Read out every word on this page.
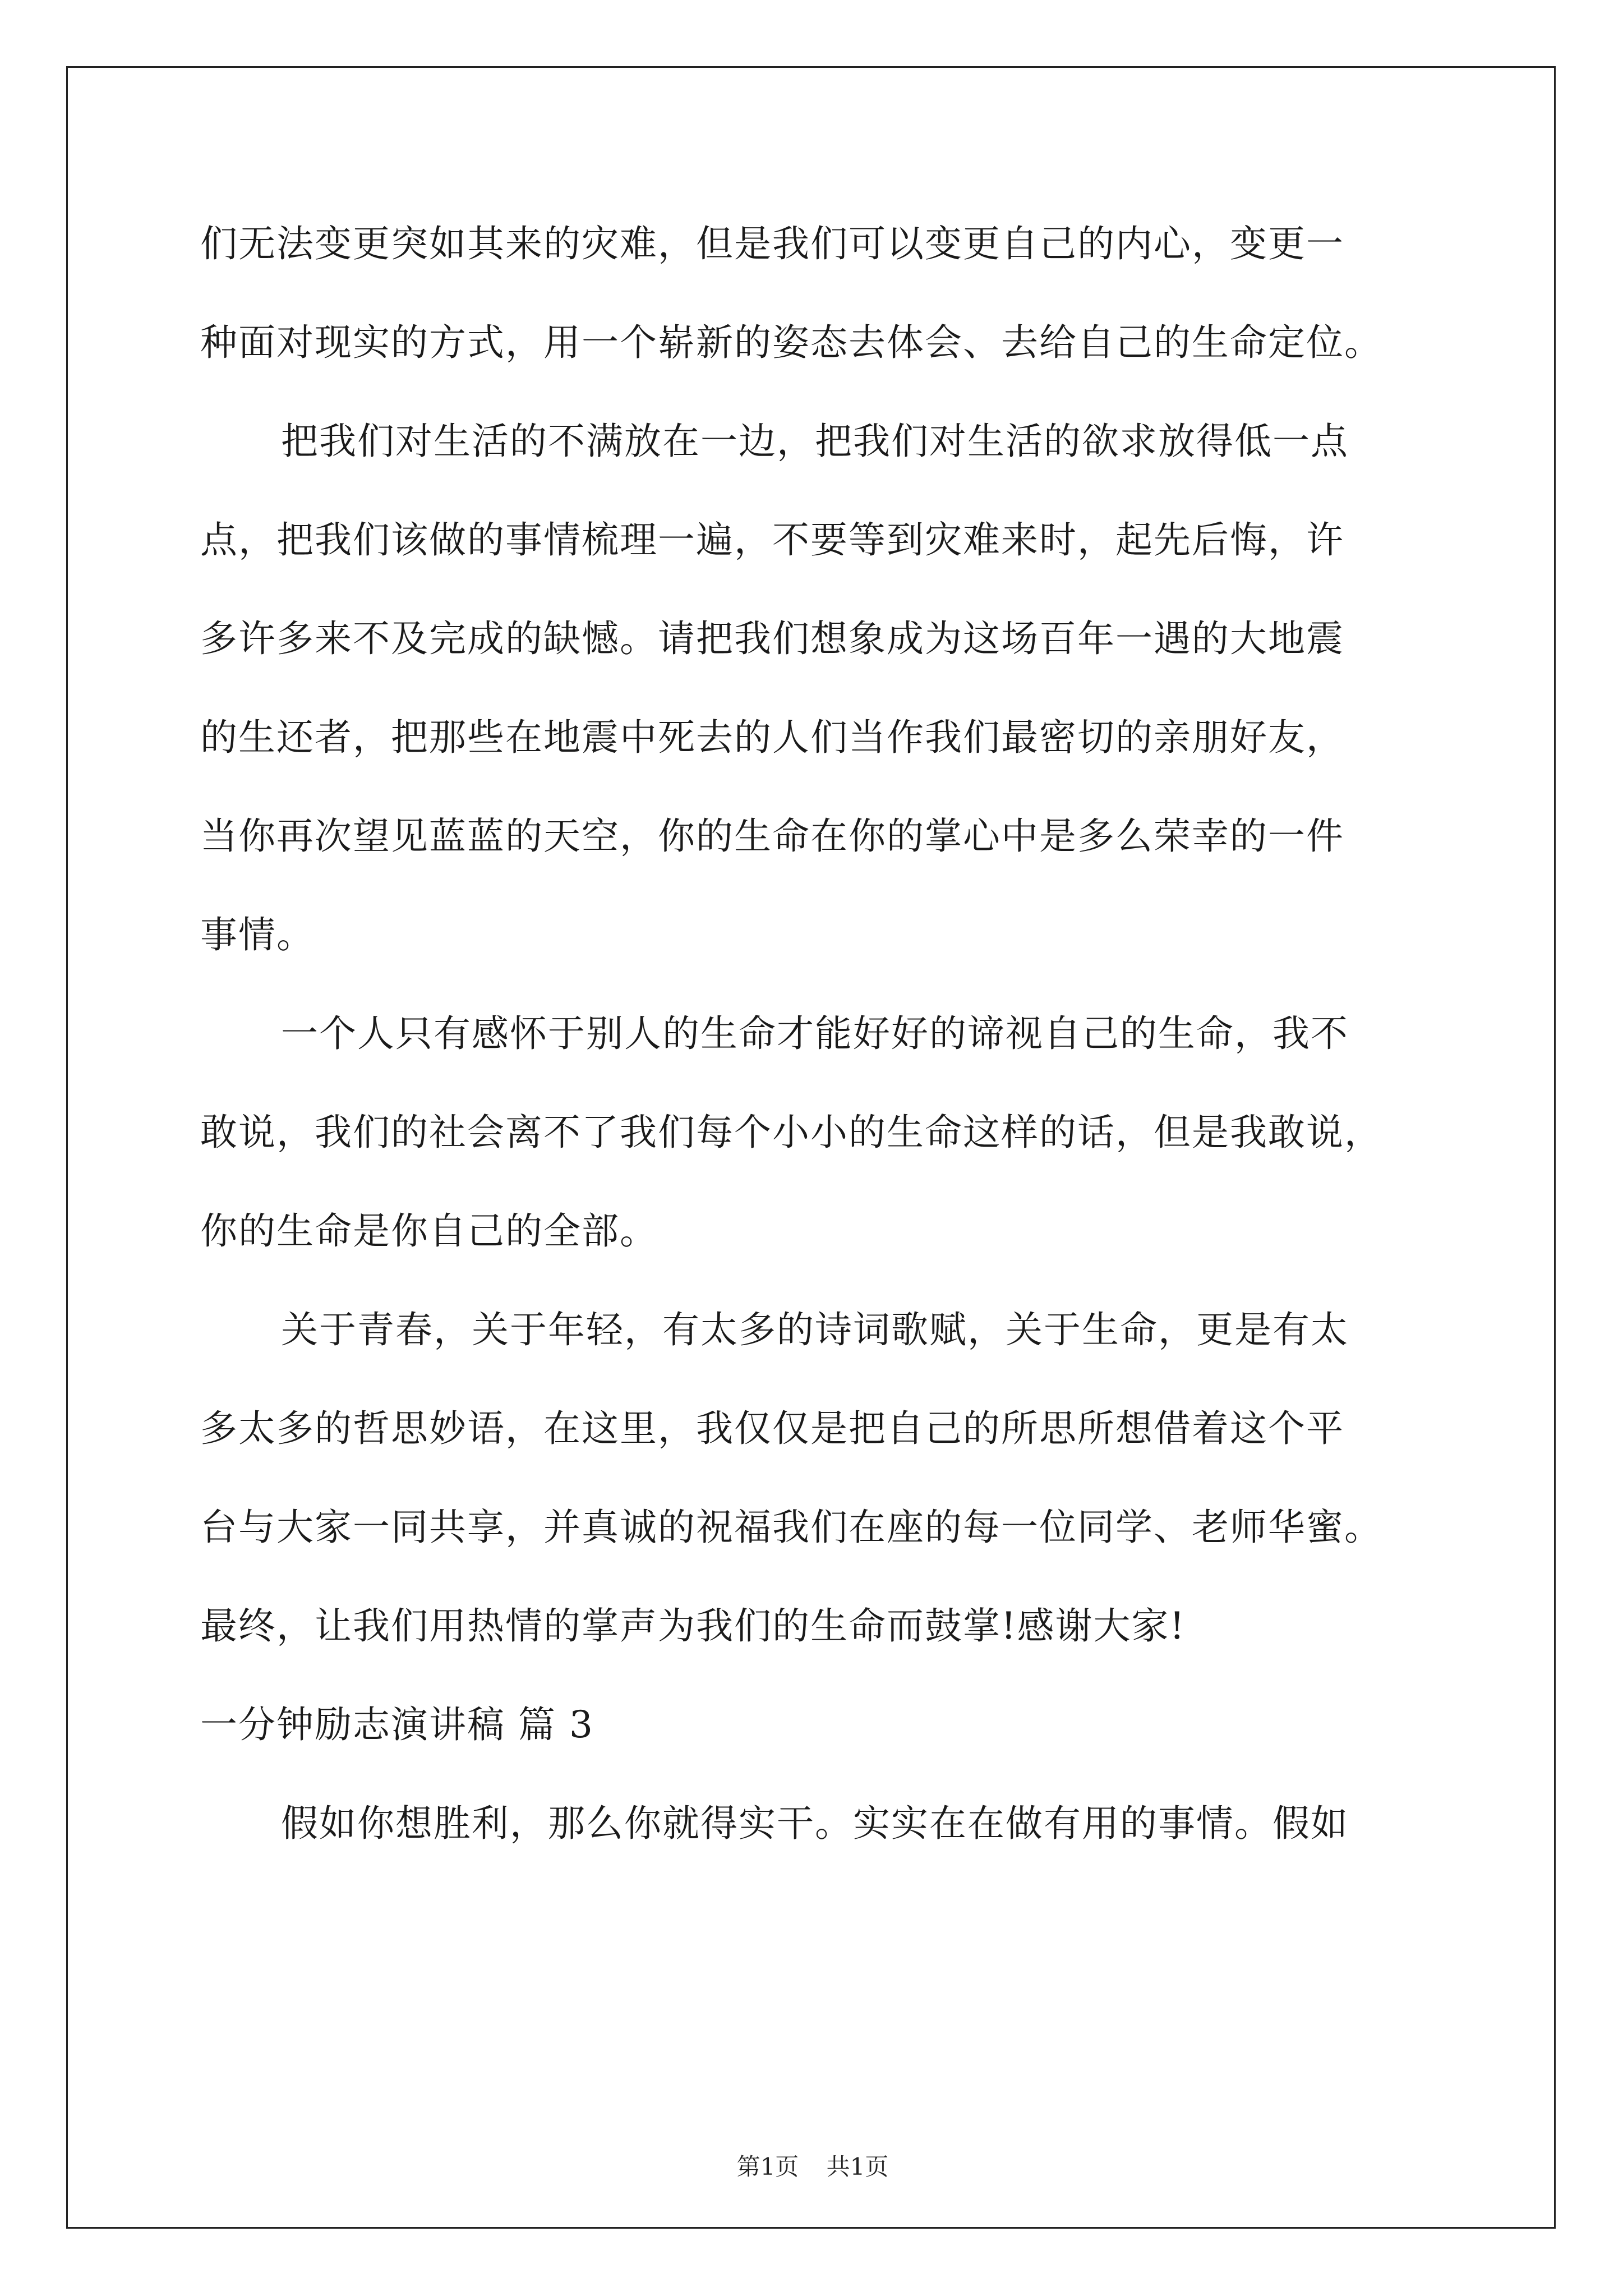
们无法变更突如其来的灾难，但是我们可以变更自己的内心，变更一
种面对现实的方式，用一个崭新的姿态去体会、去给自己的生命定位。
把我们对生活的不满放在一边，把我们对生活的欲求放得低一点
点，把我们该做的事情梳理一遍，不要等到灾难来时，起先后悔，许
多许多来不及完成的缺憾。请把我们想象成为这场百年一遇的大地震
的生还者，把那些在地震中死去的人们当作我们最密切的亲朋好友，
当你再次望见蓝蓝的天空，你的生命在你的掌心中是多么荣幸的一件
事情。
一个人只有感怀于别人的生命才能好好的谛视自己的生命，我不
敢说，我们的社会离不了我们每个小小的生命这样的话，但是我敢说，
你的生命是你自己的全部。
关于青春，关于年轻，有太多的诗词歌赋，关于生命，更是有太
多太多的哲思妙语，在这里，我仅仅是把自己的所思所想借着这个平
台与大家一同共享，并真诚的祝福我们在座的每一位同学、老师华蜜。
最终，让我们用热情的掌声为我们的生命而鼓掌!感谢大家!
一分钟励志演讲稿 篇 3
假如你想胜利，那么你就得实干。实实在在做有用的事情。假如
第1页 共1页
